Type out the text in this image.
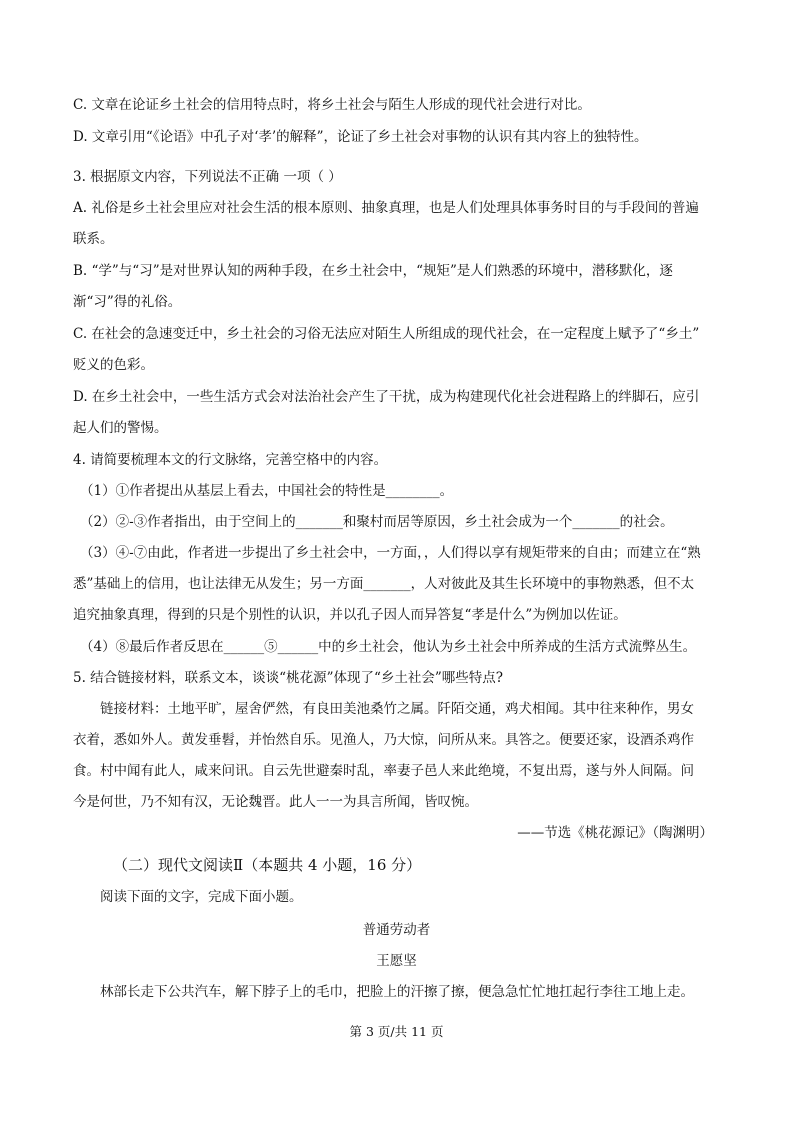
C. 文章在论证乡土社会的信用特点时，将乡土社会与陌生人形成的现代社会进行对比。
D. 文章引用“《论语》中孔子对‘孝’的解释”，论证了乡土社会对事物的认识有其内容上的独特性。
3. 根据原文内容，下列说法不正确 一项（ ）
A. 礼俗是乡土社会里应对社会生活的根本原则、抽象真理，也是人们处理具体事务时目的与手段间的普遍
联系。
B. “学”与“习”是对世界认知的两种手段，在乡土社会中，“规矩”是人们熟悉的环境中，潜移默化，逐
渐“习”得的礼俗。
C. 在社会的急速变迁中，乡土社会的习俗无法应对陌生人所组成的现代社会，在一定程度上赋予了“乡土”
贬义的色彩。
D. 在乡土社会中，一些生活方式会对法治社会产生了干扰，成为构建现代化社会进程路上的绊脚石，应引
起人们的警惕。
4. 请简要梳理本文的行文脉络，完善空格中的内容。
（1）①作者提出从基层上看去，中国社会的特性是________。
（2）②-③作者指出，由于空间上的_______和聚村而居等原因，乡土社会成为一个_______的社会。
（3）④-⑦由此，作者进一步提出了乡土社会中，一方面，，人们得以享有规矩带来的自由；而建立在“熟
悉”基础上的信用，也让法律无从发生；另一方面_______，人对彼此及其生长环境中的事物熟悉，但不太
追究抽象真理，得到的只是个别性的认识，并以孔子因人而异答复“孝是什么”为例加以佐证。
（4）⑧最后作者反思在______⑤______中的乡土社会，他认为乡土社会中所养成的生活方式流弊丛生。
5. 结合链接材料，联系文本，谈谈“桃花源”体现了“乡土社会”哪些特点?
链接材料：土地平旷，屋舍俨然，有良田美池桑竹之属。阡陌交通，鸡犬相闻。其中往来种作，男女
衣着，悉如外人。黄发垂髫，并怡然自乐。见渔人，乃大惊，问所从来。具答之。便要还家，设酒杀鸡作
食。村中闻有此人，咸来问讯。自云先世避秦时乱，率妻子邑人来此绝境，不复出焉，遂与外人间隔。问
今是何世，乃不知有汉，无论魏晋。此人一一为具言所闻，皆叹惋。
——节选《桃花源记》（陶渊明）
（二）现代文阅读Ⅱ（本题共 4 小题，16 分）
阅读下面的文字，完成下面小题。
普通劳动者
王愿坚
林部长走下公共汽车，解下脖子上的毛巾，把脸上的汗擦了擦，便急急忙忙地扛起行李往工地上走。
第 3 页/共 11 页
